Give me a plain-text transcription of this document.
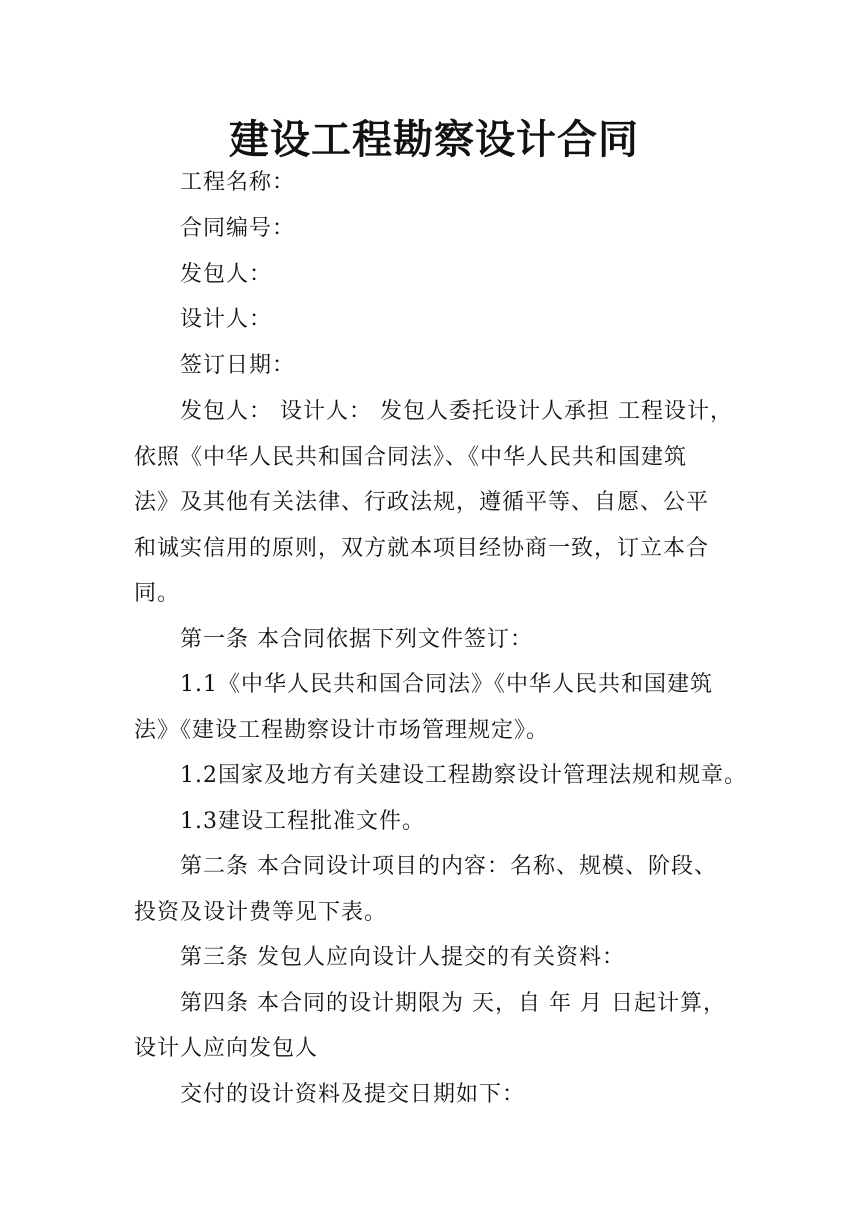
建设工程勘察设计合同
工程名称：
合同编号：
发包人：
设计人：
签订日期：
发包人： 设计人： 发包人委托设计人承担 工程设计，
依照《中华人民共和国合同法》、《中华人民共和国建筑
法》及其他有关法律、行政法规，遵循平等、自愿、公平
和诚实信用的原则，双方就本项目经协商一致，订立本合
同。
第一条 本合同依据下列文件签订：
1.1《中华人民共和国合同法》《中华人民共和国建筑
法》《建设工程勘察设计市场管理规定》。
1.2国家及地方有关建设工程勘察设计管理法规和规章。
1.3建设工程批准文件。
第二条 本合同设计项目的内容：名称、规模、阶段、
投资及设计费等见下表。
第三条 发包人应向设计人提交的有关资料：
第四条 本合同的设计期限为 天，自 年 月 日起计算，
设计人应向发包人
交付的设计资料及提交日期如下：
